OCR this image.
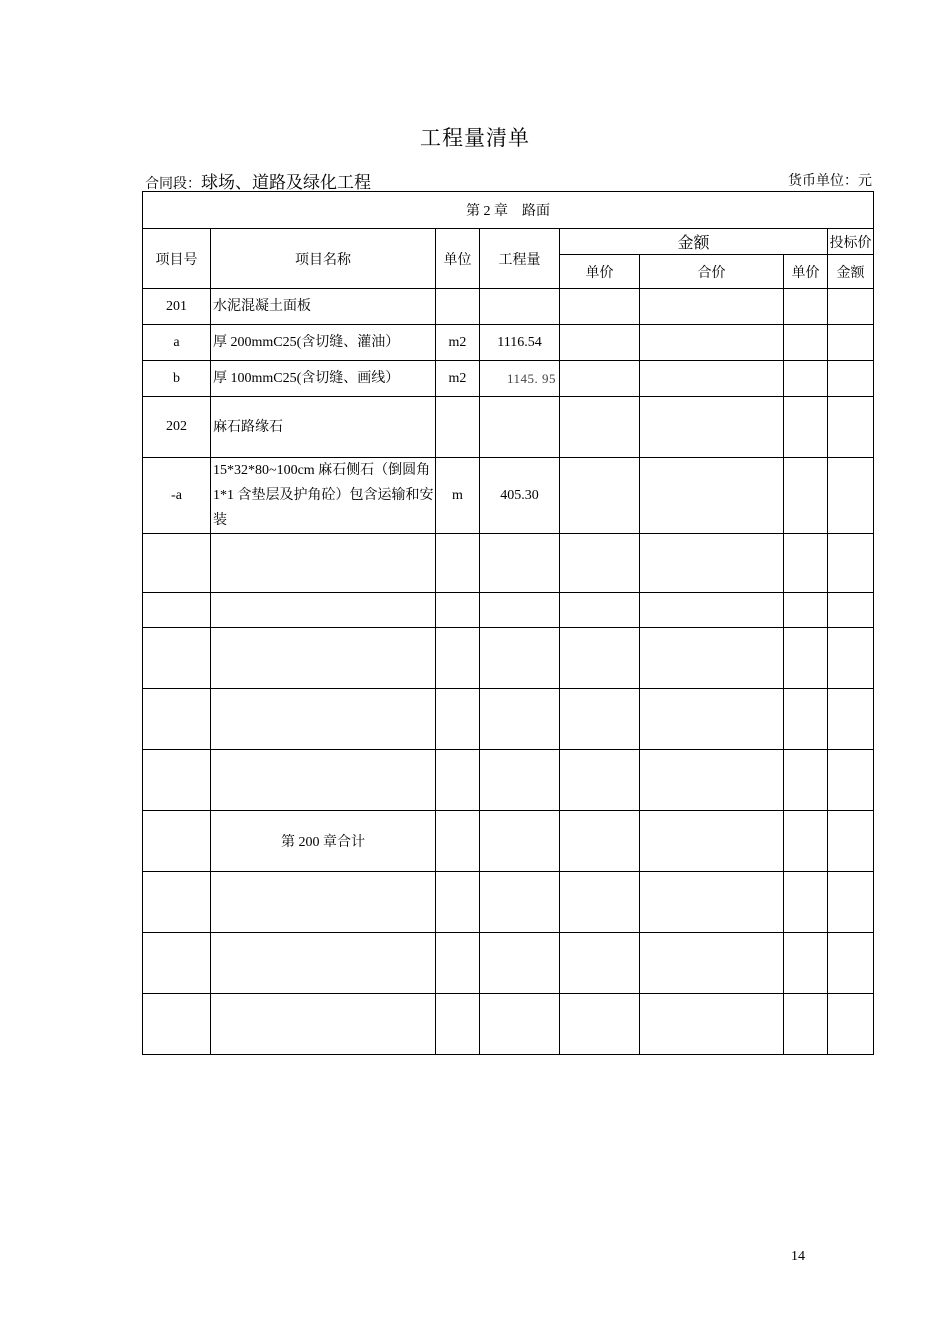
工程量清单
合同段：球场、道路及绿化工程	货币单位：元
第 2 章    路面							
项目号	项目名称	单位	工程量	金额			投标价
				单价	合价	单价	金额
201	水泥混凝土面板						
a	厚 200mmC25(含切缝、灌油）	m2	1116.54				
b	厚 100mmC25(含切缝、画线）	m2	1145. 95				
202	麻石路缘石						
-a	15*32*80~100cm 麻石侧石（倒圆角 1*1 含垫层及护角砼）包含运输和安装	m	405.30				

	第 200 章合计						

14
